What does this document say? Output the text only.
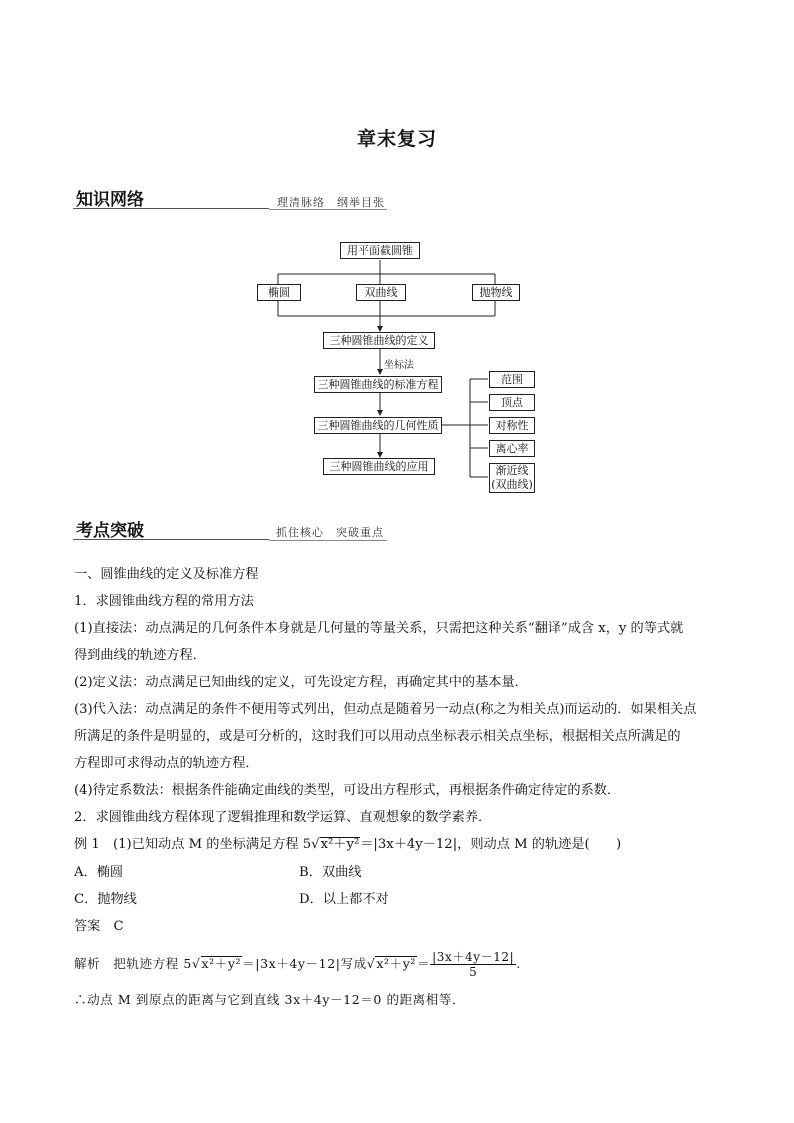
章末复习
知识网络	理清脉络　纲举目张
用平面截圆锥
椭圆	双曲线	抛物线
三种圆锥曲线的定义
坐标法
三种圆锥曲线的标准方程
三种圆锥曲线的几何性质
三种圆锥曲线的应用
范围
顶点
对称性
离心率
渐近线
(双曲线)
考点突破	抓住核心　突破重点
一、圆锥曲线的定义及标准方程
1．求圆锥曲线方程的常用方法
(1)直接法：动点满足的几何条件本身就是几何量的等量关系，只需把这种关系“翻译”成含 x，y 的等式就
得到曲线的轨迹方程．
(2)定义法：动点满足已知曲线的定义，可先设定方程，再确定其中的基本量．
(3)代入法：动点满足的条件不便用等式列出，但动点是随着另一动点(称之为相关点)而运动的．如果相关点
所满足的条件是明显的，或是可分析的，这时我们可以用动点坐标表示相关点坐标，根据相关点所满足的
方程即可求得动点的轨迹方程．
(4)待定系数法：根据条件能确定曲线的类型，可设出方程形式，再根据条件确定待定的系数．
2．求圆锥曲线方程体现了逻辑推理和数学运算、直观想象的数学素养．
例 1　(1)已知动点 M 的坐标满足方程 5√x²＋y²＝|3x＋4y－12|，则动点 M 的轨迹是(　　)
A．椭圆	B．双曲线
C．抛物线	D．以上都不对
答案　C
解析　把轨迹方程 5√x²＋y²＝|3x＋4y－12|写成$√x^2+y^2= \frac{|3x+4y-12|}{5}$ .
∴动点 M 到原点的距离与它到直线 3x＋4y－12＝0 的距离相等．
